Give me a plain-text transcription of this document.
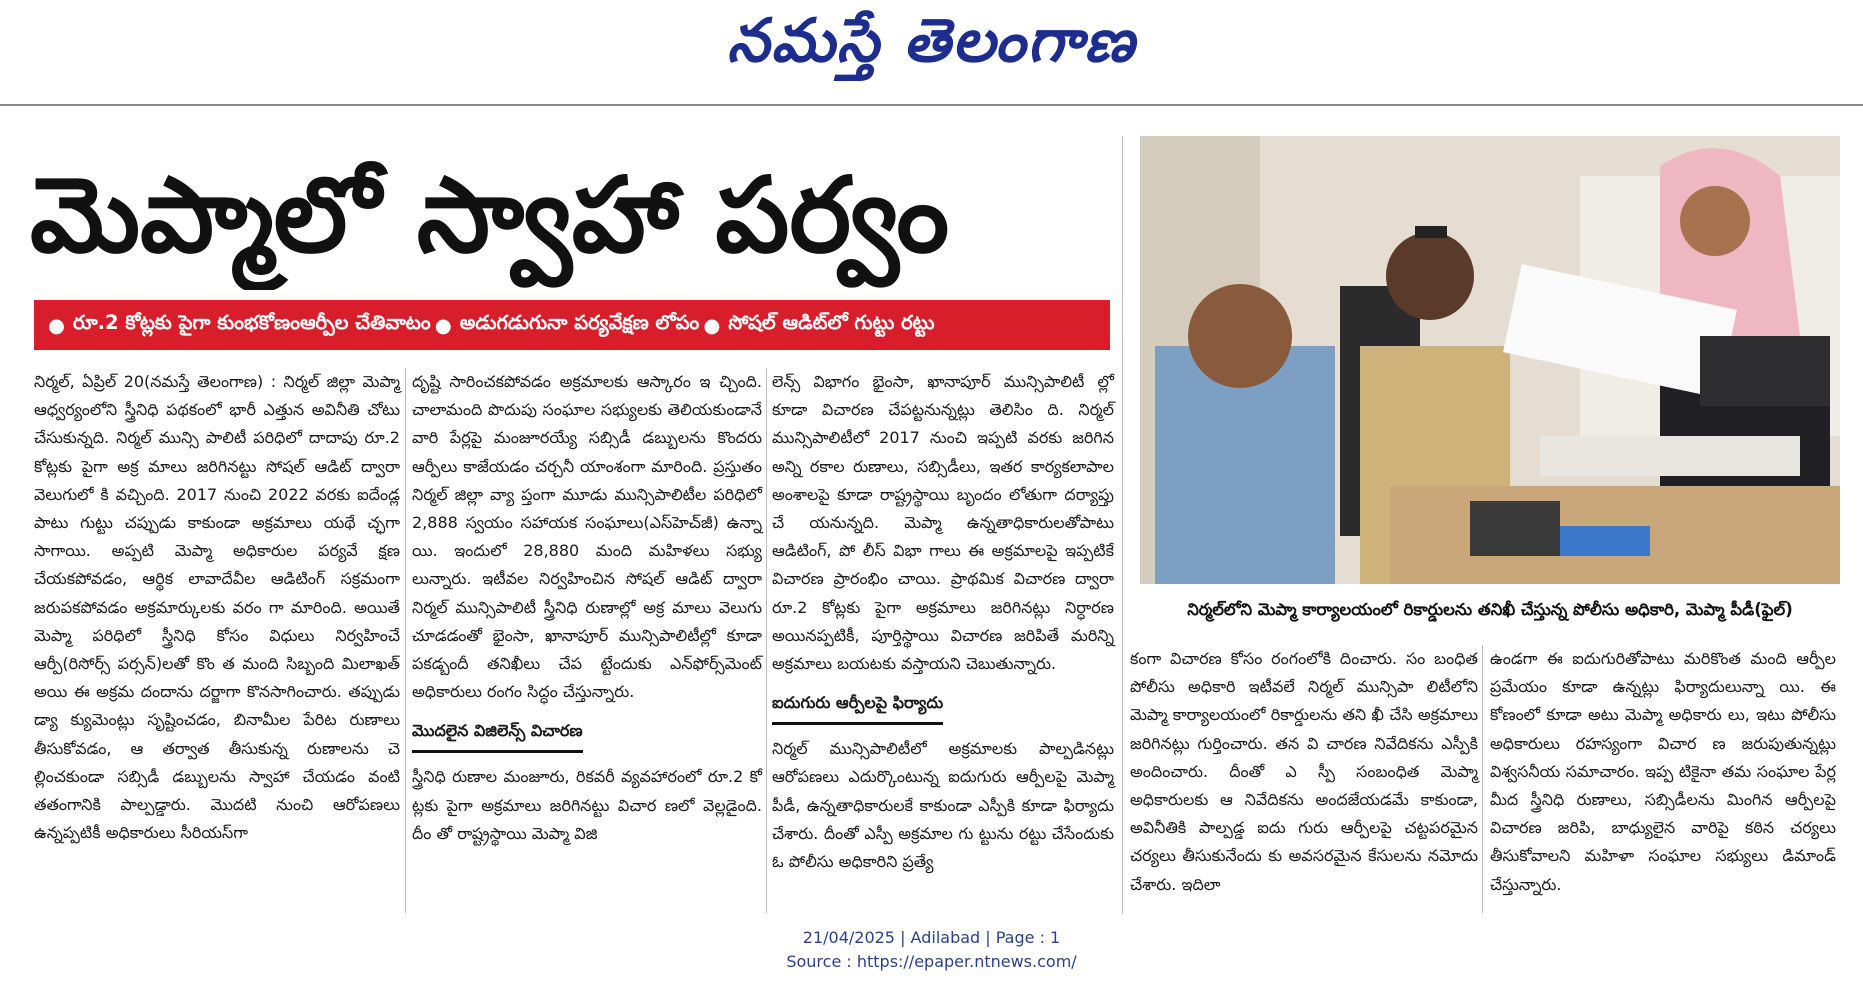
నమస్తే తెలంగాణ
మెప్మాలో స్వాహా పర్వం
● రూ.2 కోట్లకు పైగా కుంభకోణంఆర్పీల చేతివాటం ● అడుగడుగునా పర్యవేక్షణ లోపం ● సోషల్ ఆడిట్‌లో గుట్టు రట్టు

నిర్మల్, ఏప్రిల్ 20(నమస్తే తెలంగాణ) : నిర్మల్ జిల్లా మెప్మా ఆధ్వర్యంలోని స్త్రీనిధి పథకంలో భారీ ఎత్తున అవినీతి చోటు చేసుకున్నది. నిర్మల్ మున్సి పాలిటీ పరిధిలో దాదాపు రూ.2 కోట్లకు పైగా అక్ర మాలు జరిగినట్టు సోషల్ ఆడిట్ ద్వారా వెలుగులో కి వచ్చింది. 2017 నుంచి 2022 వరకు ఐదేండ్ల పాటు గుట్టు చప్పుడు కాకుండా అక్రమాలు యథే చ్ఛగా సాగాయి. అప్పటి మెప్మా అధికారుల పర్యవే క్షణ చేయకపోవడం, ఆర్థిక లావాదేవీల ఆడిటింగ్ సక్రమంగా జరుపకపోవడం అక్రమార్కులకు వరం గా మారింది. అయితే మెప్మా పరిధిలో స్త్రీనిధి కోసం విధులు నిర్వహించే ఆర్పీ(రిసోర్స్ పర్సన్)లతో కొం త మంది సిబ్బంది మిలాఖత్ అయి ఈ అక్రమ దందాను దర్జాగా కొనసాగించారు. తప్పుడు డ్యా క్యుమెంట్లు సృష్టించడం, బినామీల పేరిట రుణాలు తీసుకోవడం, ఆ తర్వాత తీసుకున్న రుణాలను చె ల్లించకుండా సబ్సిడీ డబ్బులను స్వాహా చేయడం వంటి తతంగానికి పాల్పడ్డారు. మొదటి నుంచి ఆరోపణలు ఉన్నప్పటికీ అధికారులు సీరియస్‌గా

దృష్టి సారించకపోవడం అక్రమాలకు ఆస్కారం ఇ చ్చింది. చాలామంది పొదుపు సంఘాల సభ్యులకు తెలియకుండానే వారి పేర్లపై మంజూరయ్యే సబ్సిడీ డబ్బులను కొందరు ఆర్పీలు కాజేయడం చర్చనీ యాంశంగా మారింది. ప్రస్తుతం నిర్మల్ జిల్లా వ్యా ప్తంగా మూడు మున్సిపాలిటీల పరిధిలో 2,888 స్వయం సహాయక సంఘాలు(ఎస్‌హెచ్‌జీ) ఉన్నా యి. ఇందులో 28,880 మంది మహిళలు సభ్యు లున్నారు. ఇటీవల నిర్వహించిన సోషల్ ఆడిట్ ద్వారా నిర్మల్ మున్సిపాలిటీ స్త్రీనిధి రుణాల్లో అక్ర మాలు వెలుగు చూడడంతో భైంసా, ఖానాపూర్ మున్సిపాలిటీల్లో కూడా పకడ్బందీ తనిఖీలు చేప ట్టేందుకు ఎన్‌ఫోర్స్‌మెంట్ అధికారులు రంగం సిద్ధం చేస్తున్నారు.

మొదలైన విజిలెన్స్ విచారణ

స్త్రీనిధి రుణాల మంజూరు, రికవరీ వ్యవహారంలో రూ.2 కో ట్లకు పైగా అక్రమాలు జరిగినట్టు విచార ణలో వెల్లడైంది. దీం తో రాష్ట్రస్థాయి మెప్మా విజి

లెన్స్ విభాగం భైంసా, ఖానాపూర్ మున్సిపాలిటీ ల్లో కూడా విచారణ చేపట్టనున్నట్లు తెలిసిం ది. నిర్మల్ మున్సిపాలిటీలో 2017 నుంచి ఇప్పటి వరకు జరిగిన అన్ని రకాల రుణాలు, సబ్సిడీలు, ఇతర కార్యకలాపాల అంశాలపై కూడా రాష్ట్రస్థాయి బృందం లోతుగా దర్యాప్తు చే యనున్నది. మెప్మా ఉన్నతాధికారులతోపాటు ఆడిటింగ్, పో లీస్ విభా గాలు ఈ అక్రమాలపై ఇప్పటికే విచారణ ప్రారంభిం చాయి. ప్రాథమిక విచారణ ద్వారా రూ.2 కోట్లకు పైగా అక్రమాలు జరిగినట్లు నిర్ధారణ అయినప్పటికీ, పూర్తిస్థాయి విచారణ జరిపితే మరిన్ని అక్రమాలు బయటకు వస్తాయని చెబుతున్నారు.

ఐదుగురు ఆర్పీలపై ఫిర్యాదు

నిర్మల్ మున్సిపాలిటీలో అక్రమాలకు పాల్పడినట్లు ఆరోపణలు ఎదుర్కొంటున్న ఐదుగురు ఆర్పీలపై మెప్మా పీడీ, ఉన్నతాధికారులకే కాకుండా ఎస్పీకి కూడా ఫిర్యాదు చేశారు. దీంతో ఎస్పీ అక్రమాల గు ట్టును రట్టు చేసేందుకు ఓ పోలీసు అధికారిని ప్రత్యే

నిర్మల్‌లోని మెప్మా కార్యాలయంలో రికార్డులను తనిఖీ చేస్తున్న పోలీసు అధికారి, మెప్మా పీడీ(ఫైల్)

కంగా విచారణ కోసం రంగంలోకి దించారు. సం బంధిత పోలీసు అధికారి ఇటీవలే నిర్మల్ మున్సిపా లిటీలోని మెప్మా కార్యాలయంలో రికార్డులను తని ఖీ చేసి అక్రమాలు జరిగినట్లు గుర్తించారు. తన వి చారణ నివేదికను ఎస్పీకి అందించారు. దీంతో ఎ స్పీ సంబంధిత మెప్మా అధికారులకు ఆ నివేదికను అందజేయడమే కాకుండా, అవినీతికి పాల్పడ్డ ఐదు గురు ఆర్పీలపై చట్టపరమైన చర్యలు తీసుకునేందు కు అవసరమైన కేసులను నమోదు చేశారు. ఇదిలా

ఉండగా ఈ ఐదుగురితోపాటు మరికొంత మంది ఆర్పీల ప్రమేయం కూడా ఉన్నట్లు ఫిర్యాదులున్నా యి. ఈ కోణంలో కూడా అటు మెప్మా అధికారు లు, ఇటు పోలీసు అధికారులు రహస్యంగా విచార ణ జరుపుతున్నట్లు విశ్వసనీయ సమాచారం. ఇప్ప టికైనా తమ సంఘాల పేర్ల మీద స్త్రీనిధి రుణాలు, సబ్సిడీలను మింగిన ఆర్పీలపై విచారణ జరిపి, బాధ్యులైన వారిపై కఠిన చర్యలు తీసుకోవాలని మహిళా సంఘాల సభ్యులు డిమాండ్ చేస్తున్నారు.

21/04/2025 | Adilabad | Page : 1
Source : https://epaper.ntnews.com/
